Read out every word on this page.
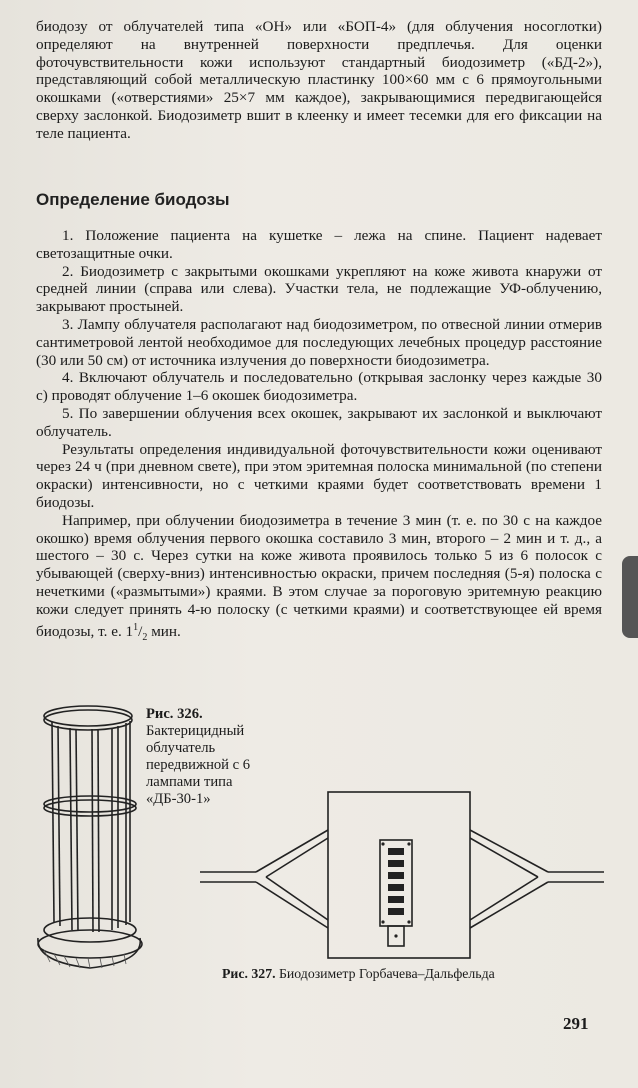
биодозу от облучателей типа «ОН» или «БОП-4» (для облучения носоглотки) определяют на внутренней поверхности предплечья. Для оценки фоточувствительности кожи используют стандартный биодозиметр («БД-2»), представляющий собой металлическую пластинку 100×60 мм с 6 прямоугольными окошками («отверстиями» 25×7 мм каждое), закрывающимися передвигающейся сверху заслонкой. Биодозиметр вшит в клеенку и имеет тесемки для его фиксации на теле пациента.

Определение биодозы

1. Положение пациента на кушетке – лежа на спине. Пациент надевает светозащитные очки.

2. Биодозиметр с закрытыми окошками укрепляют на коже живота кнаружи от средней линии (справа или слева). Участки тела, не подлежащие УФ-облучению, закрывают простыней.

3. Лампу облучателя располагают над биодозиметром, по отвесной линии отмерив сантиметровой лентой необходимое для последующих лечебных процедур расстояние (30 или 50 см) от источника излучения до поверхности биодозиметра.

4. Включают облучатель и последовательно (открывая заслонку через каждые 30 с) проводят облучение 1–6 окошек биодозиметра.

5. По завершении облучения всех окошек, закрывают их заслонкой и выключают облучатель.

Результаты определения индивидуальной фоточувствительности кожи оценивают через 24 ч (при дневном свете), при этом эритемная полоска минимальной (по степени окраски) интенсивности, но с четкими краями будет соответствовать времени 1 биодозы.

Например, при облучении биодозиметра в течение 3 мин (т. е. по 30 с на каждое окошко) время облучения первого окошка составило 3 мин, второго – 2 мин и т. д., а шестого – 30 с. Через сутки на коже живота проявилось только 5 из 6 полосок с убывающей (сверху-вниз) интенсивностью окраски, причем последняя (5-я) полоска с нечеткими («размытыми») краями. В этом случае за пороговую эритемную реакцию кожи следует принять 4-ю полоску (с четкими краями) и соответствующее ей время биодозы, т. е. $1^1/_2$ мин.

Рис. 326.
Бактерицидный облучатель передвижной с 6 лампами типа «ДБ-30-1»
Рис. 327. Биодозиметр Горбачева–Дальфельда
291
